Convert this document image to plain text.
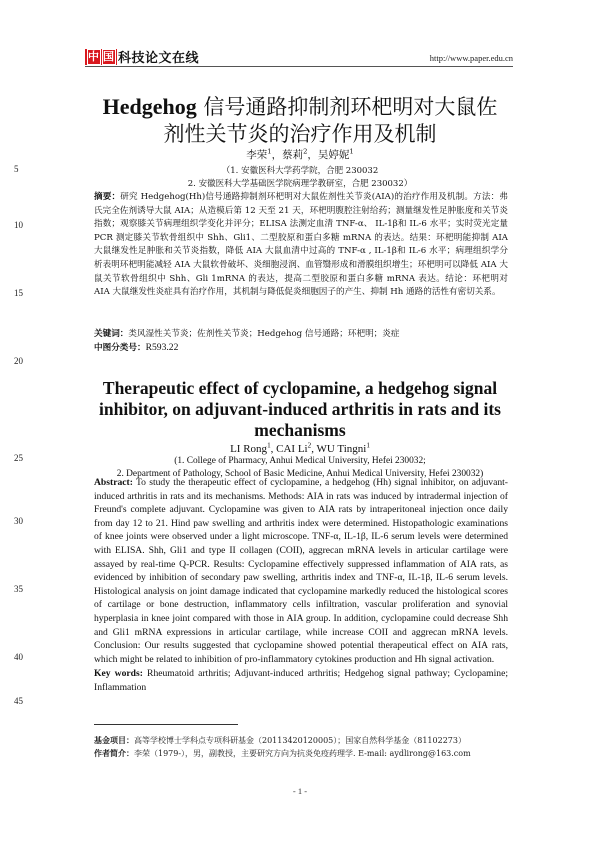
中 国 科技论文在线	http://www.paper.edu.cn
5
10
15
20
25
30
35
40
45
Hedgehog 信号通路抑制剂环杷明对大鼠佐
剂性关节炎的治疗作用及机制
李荣$^1$，蔡莉$^2$，吴婷妮$^1$
（1. 安徽医科大学药学院，合肥 230032
2. 安徽医科大学基础医学院病理学教研室，合肥 230032）
摘要：研究 Hedgehog(Hh)信号通路抑制剂环杷明对大鼠佐剂性关节炎(AIA)的治疗作用及机制。方法：弗氏完全佐剂诱导大鼠 AIA；从造模后第 12 天至 21 天，环杷明腹腔注射给药；测量继发性足肿胀度和关节炎指数；观察膝关节病理组织学变化并评分；ELISA 法测定血清 TNF-α、 IL-1β和 IL-6 水平；实时荧光定量 PCR 测定膝关节软骨组织中 Shh、Gli1、二型胶原和蛋白多糖 mRNA 的表达。结果：环杷明能抑制 AIA 大鼠继发性足肿胀和关节炎指数，降低 AIA 大鼠血清中过高的 TNF-α , IL-1β和 IL-6 水平；病理组织学分析表明环杷明能减轻 AIA 大鼠软骨破坏、炎细胞浸润、血管翳形成和滑膜组织增生；环杷明可以降低 AIA 大鼠关节软骨组织中 Shh、Gli 1mRNA 的表达，提高二型胶原和蛋白多糖 mRNA 表达。结论：环杷明对 AIA 大鼠继发性炎症具有治疗作用，其机制与降低促炎细胞因子的产生、抑制 Hh 通路的活性有密切关系。
关键词：类风湿性关节炎；佐剂性关节炎；Hedgehog 信号通路；环杷明；炎症
中图分类号：R593.22
Therapeutic effect of cyclopamine, a hedgehog signal inhibitor, on adjuvant-induced arthritis in rats and its mechanisms
LI Rong$^1$, CAI Li$^2$, WU Tingni$^1$
(1. College of Pharmacy, Anhui Medical University, Hefei 230032;
2. Department of Pathology, School of Basic Medicine, Anhui Medical University, Hefei 230032)
Abstract: To study the therapeutic effect of cyclopamine, a hedgehog (Hh) signal inhibitor, on adjuvant-induced arthritis in rats and its mechanisms. Methods: AIA in rats was induced by intradermal injection of Freund's complete adjuvant. Cyclopamine was given to AIA rats by intraperitoneal injection once daily from day 12 to 21. Hind paw swelling and arthritis index were determined. Histopathologic examinations of knee joints were observed under a light microscope. TNF-α, IL-1β, IL-6 serum levels were determined with ELISA. Shh, Gli1 and type II collagen (COII), aggrecan mRNA levels in articular cartilage were assayed by real-time Q-PCR. Results: Cyclopamine effectively suppressed inflammation of AIA rats, as evidenced by inhibition of secondary paw swelling, arthritis index and TNF-α, IL-1β, IL-6 serum levels. Histological analysis on joint damage indicated that cyclopamine markedly reduced the histological scores of cartilage or bone destruction, inflammatory cells infiltration, vascular proliferation and synovial hyperplasia in knee joint compared with those in AIA group. In addition, cyclopamine could decrease Shh and Gli1 mRNA expressions in articular cartilage, while increase COII and aggrecan mRNA levels. Conclusion: Our results suggested that cyclopamine showed potential therapeutical effect on AIA rats, which might be related to inhibition of pro-inflammatory cytokines production and Hh signal activation.
Key words: Rheumatoid arthritis; Adjuvant-induced arthritis; Hedgehog signal pathway; Cyclopamine; Inflammation
基金项目：高等学校博士学科点专项科研基金（20113420120005）；国家自然科学基金（81102273）
作者简介：李荣（1979-），男，副教授，主要研究方向为抗炎免疫药理学. E-mail: aydlirong@163.com
- 1 -
